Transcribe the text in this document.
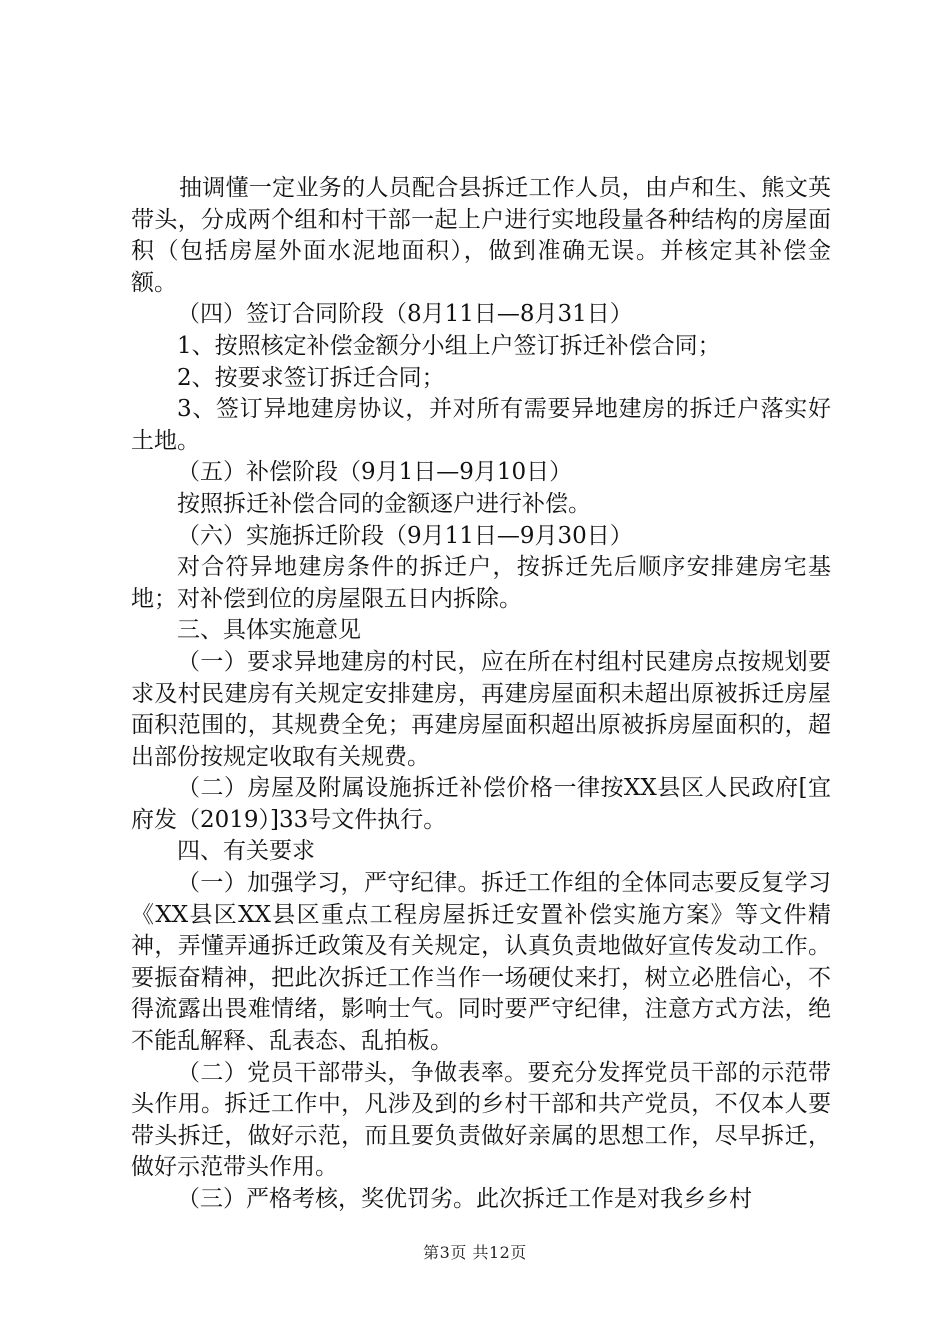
抽调懂一定业务的人员配合县拆迁工作人员，由卢和生、熊文英带头，分成两个组和村干部一起上户进行实地段量各种结构的房屋面积（包括房屋外面水泥地面积），做到准确无误。并核定其补偿金额。

（四）签订合同阶段（8月11日—8月31日）

1、按照核定补偿金额分小组上户签订拆迁补偿合同；

2、按要求签订拆迁合同；

3、签订异地建房协议，并对所有需要异地建房的拆迁户落实好土地。

（五）补偿阶段（9月1日—9月10日）

按照拆迁补偿合同的金额逐户进行补偿。

（六）实施拆迁阶段（9月11日—9月30日）

对合符异地建房条件的拆迁户，按拆迁先后顺序安排建房宅基地；对补偿到位的房屋限五日内拆除。

三、具体实施意见

（一）要求异地建房的村民，应在所在村组村民建房点按规划要求及村民建房有关规定安排建房，再建房屋面积未超出原被拆迁房屋面积范围的，其规费全免；再建房屋面积超出原被拆房屋面积的，超出部份按规定收取有关规费。

（二）房屋及附属设施拆迁补偿价格一律按XX县区人民政府[宜府发（2019）]33号文件执行。

四、有关要求

（一）加强学习，严守纪律。拆迁工作组的全体同志要反复学习《XX县区XX县区重点工程房屋拆迁安置补偿实施方案》等文件精神，弄懂弄通拆迁政策及有关规定，认真负责地做好宣传发动工作。要振奋精神，把此次拆迁工作当作一场硬仗来打，树立必胜信心，不得流露出畏难情绪，影响士气。同时要严守纪律，注意方式方法，绝不能乱解释、乱表态、乱拍板。

（二）党员干部带头，争做表率。要充分发挥党员干部的示范带头作用。拆迁工作中，凡涉及到的乡村干部和共产党员，不仅本人要带头拆迁，做好示范，而且要负责做好亲属的思想工作，尽早拆迁，做好示范带头作用。

（三）严格考核，奖优罚劣。此次拆迁工作是对我乡乡村

第3页 共12页
